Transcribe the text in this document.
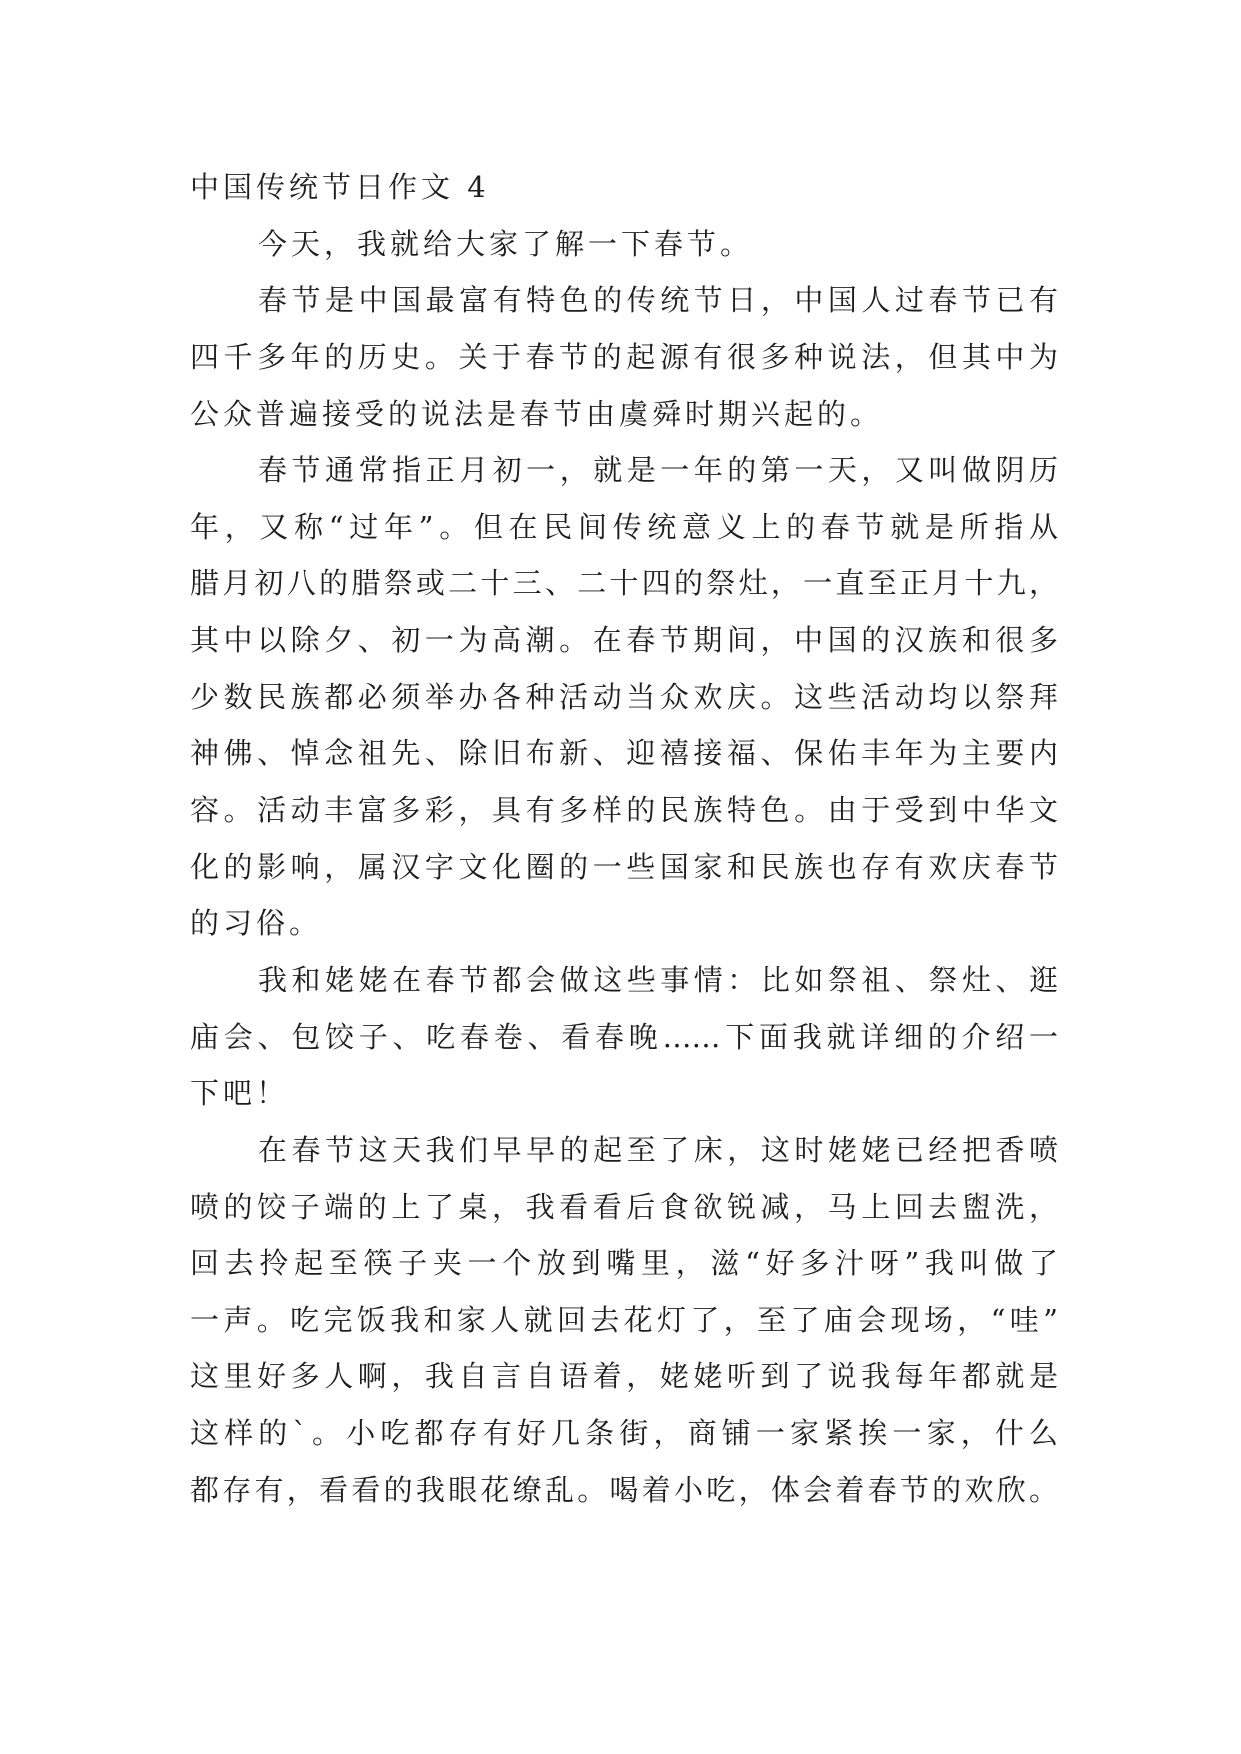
中国传统节日作文 4
今天，我就给大家了解一下春节。
春节是中国最富有特色的传统节日，中国人过春节已有
四千多年的历史。关于春节的起源有很多种说法，但其中为
公众普遍接受的说法是春节由虞舜时期兴起的。
春节通常指正月初一，就是一年的第一天，又叫做阴历
年，又称“过年”。但在民间传统意义上的春节就是所指从
腊月初八的腊祭或二十三、二十四的祭灶，一直至正月十九，
其中以除夕、初一为高潮。在春节期间，中国的汉族和很多
少数民族都必须举办各种活动当众欢庆。这些活动均以祭拜
神佛、悼念祖先、除旧布新、迎禧接福、保佑丰年为主要内
容。活动丰富多彩，具有多样的民族特色。由于受到中华文
化的影响，属汉字文化圈的一些国家和民族也存有欢庆春节
的习俗。
我和姥姥在春节都会做这些事情：比如祭祖、祭灶、逛
庙会、包饺子、吃春卷、看春晚……下面我就详细的介绍一
下吧！
在春节这天我们早早的起至了床，这时姥姥已经把香喷
喷的饺子端的上了桌，我看看后食欲锐减，马上回去盥洗，
回去拎起至筷子夹一个放到嘴里，滋“好多汁呀”我叫做了
一声。吃完饭我和家人就回去花灯了，至了庙会现场，“哇”
这里好多人啊，我自言自语着，姥姥听到了说我每年都就是
这样的`。小吃都存有好几条街，商铺一家紧挨一家，什么
都存有，看看的我眼花缭乱。喝着小吃，体会着春节的欢欣。
